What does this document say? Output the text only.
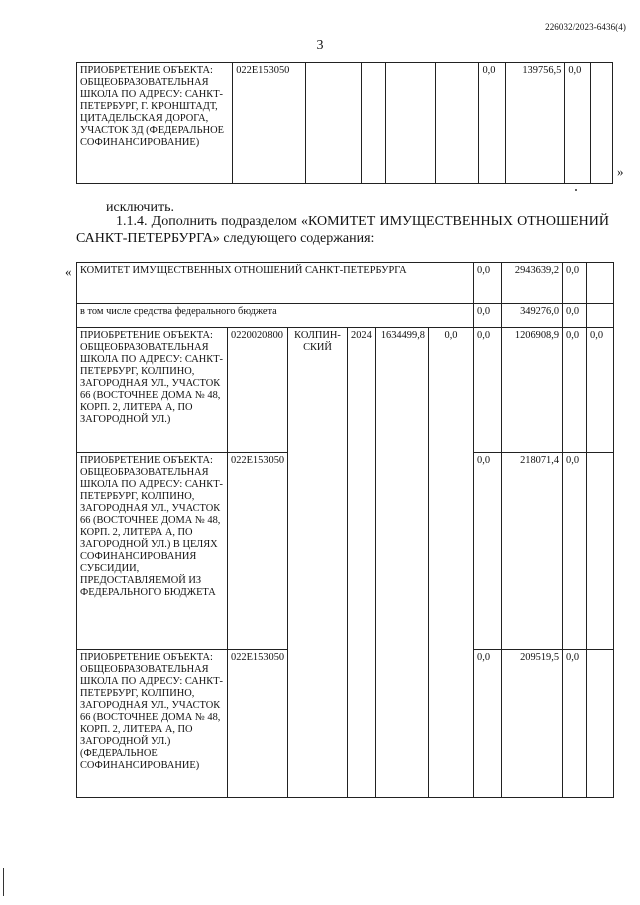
226032/2023-6436(4)
3
ПРИОБРЕТЕНИЕ ОБЪЕКТА: ОБЩЕОБРАЗОВАТЕЛЬНАЯ ШКОЛА ПО АДРЕСУ: САНКТ-ПЕТЕРБУРГ, Г. КРОНШТАДТ, ЦИТАДЕЛЬСКАЯ ДОРОГА, УЧАСТОК 3Д (ФЕДЕРАЛЬНОЕ СОФИНАНСИРОВАНИЕ)	022Е153050					0,0	139756,5	0,0	
»
исключить.
1.1.4. Дополнить подразделом «КОМИТЕТ ИМУЩЕСТВЕННЫХ ОТНОШЕНИЙ САНКТ-ПЕТЕРБУРГА» следующего содержания:
« КОМИТЕТ ИМУЩЕСТВЕННЫХ ОТНОШЕНИЙ САНКТ-ПЕТЕРБУРГА						0,0	2943639,2	0,0	
в том числе средства федерального бюджета						0,0	349276,0	0,0	
ПРИОБРЕТЕНИЕ ОБЪЕКТА: ОБЩЕОБРАЗОВАТЕЛЬНАЯ ШКОЛА ПО АДРЕСУ: САНКТ-ПЕТЕРБУРГ, КОЛПИНО, ЗАГОРОДНАЯ УЛ., УЧАСТОК 66 (ВОСТОЧНЕЕ ДОМА № 48, КОРП. 2, ЛИТЕРА А, ПО ЗАГОРОДНОЙ УЛ.)	0220020800	КОЛПИН-СКИЙ	2024	1634499,8	0,0	0,0	1206908,9	0,0	0,0
ПРИОБРЕТЕНИЕ ОБЪЕКТА: ОБЩЕОБРАЗОВАТЕЛЬНАЯ ШКОЛА ПО АДРЕСУ: САНКТ-ПЕТЕРБУРГ, КОЛПИНО, ЗАГОРОДНАЯ УЛ., УЧАСТОК 66 (ВОСТОЧНЕЕ ДОМА № 48, КОРП. 2, ЛИТЕРА А, ПО ЗАГОРОДНОЙ УЛ.) В ЦЕЛЯХ СОФИНАНСИРОВАНИЯ СУБСИДИИ, ПРЕДОСТАВЛЯЕМОЙ ИЗ ФЕДЕРАЛЬНОГО БЮДЖЕТА	022Е153050					0,0	218071,4	0,0	
ПРИОБРЕТЕНИЕ ОБЪЕКТА: ОБЩЕОБРАЗОВАТЕЛЬНАЯ ШКОЛА ПО АДРЕСУ: САНКТ-ПЕТЕРБУРГ, КОЛПИНО, ЗАГОРОДНАЯ УЛ., УЧАСТОК 66 (ВОСТОЧНЕЕ ДОМА № 48, КОРП. 2, ЛИТЕРА А, ПО ЗАГОРОДНОЙ УЛ.) (ФЕДЕРАЛЬНОЕ СОФИНАНСИРОВАНИЕ)	022Е153050					0,0	209519,5	0,0	
